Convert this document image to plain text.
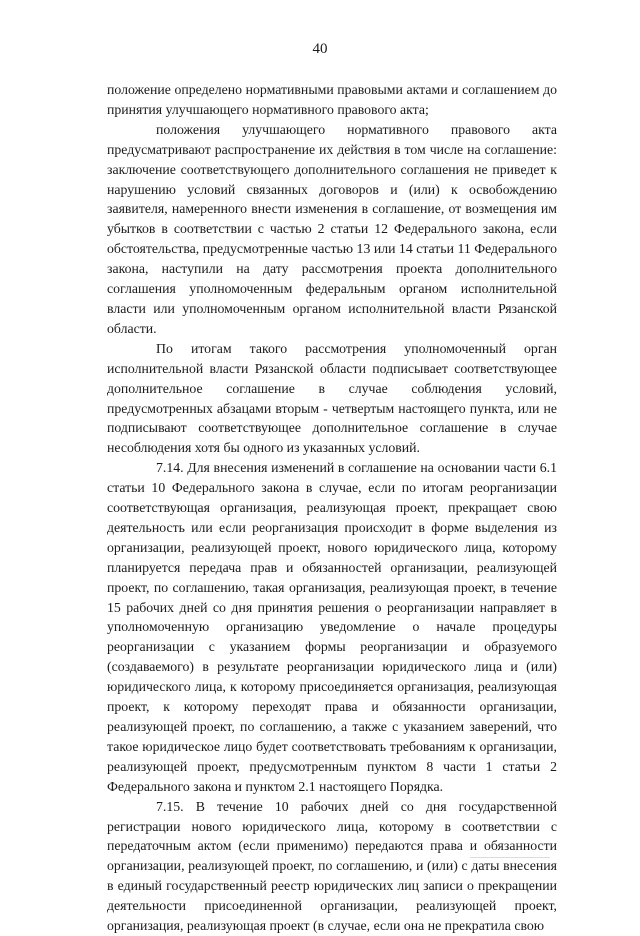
40

положение определено нормативными правовыми актами и соглашением до принятия улучшающего нормативного правового акта;

положения улучшающего нормативного правового акта предусматривают распространение их действия в том числе на соглашение: заключение соответствующего дополнительного соглашения не приведет к нарушению условий связанных договоров и (или) к освобождению заявителя, намеренного внести изменения в соглашение, от возмещения им убытков в соответствии с частью 2 статьи 12 Федерального закона, если обстоятельства, предусмотренные частью 13 или 14 статьи 11 Федерального закона, наступили на дату рассмотрения проекта дополнительного соглашения уполномоченным федеральным органом исполнительной власти или уполномоченным органом исполнительной власти Рязанской области.

По итогам такого рассмотрения уполномоченный орган исполнительной власти Рязанской области подписывает соответствующее дополнительное соглашение в случае соблюдения условий, предусмотренных абзацами вторым - четвертым настоящего пункта, или не подписывают соответствующее дополнительное соглашение в случае несоблюдения хотя бы одного из указанных условий.

7.14. Для внесения изменений в соглашение на основании части 6.1 статьи 10 Федерального закона в случае, если по итогам реорганизации соответствующая организация, реализующая проект, прекращает свою деятельность или если реорганизация происходит в форме выделения из организации, реализующей проект, нового юридического лица, которому планируется передача прав и обязанностей организации, реализующей проект, по соглашению, такая организация, реализующая проект, в течение 15 рабочих дней со дня принятия решения о реорганизации направляет в уполномоченную организацию уведомление о начале процедуры реорганизации с указанием формы реорганизации и образуемого (создаваемого) в результате реорганизации юридического лица и (или) юридического лица, к которому присоединяется организация, реализующая проект, к которому переходят права и обязанности организации, реализующей проект, по соглашению, а также с указанием заверений, что такое юридическое лицо будет соответствовать требованиям к организации, реализующей проект, предусмотренным пунктом 8 части 1 статьи 2 Федерального закона и пунктом 2.1 настоящего Порядка.

7.15. В течение 10 рабочих дней со дня государственной регистрации нового юридического лица, которому в соответствии с передаточным актом (если применимо) передаются права и обязанности организации, реализующей проект, по соглашению, и (или) с даты внесения в единый государственный реестр юридических лиц записи о прекращении деятельности присоединенной организации, реализующей проект, организация, реализующая проект (в случае, если она не прекратила свою
